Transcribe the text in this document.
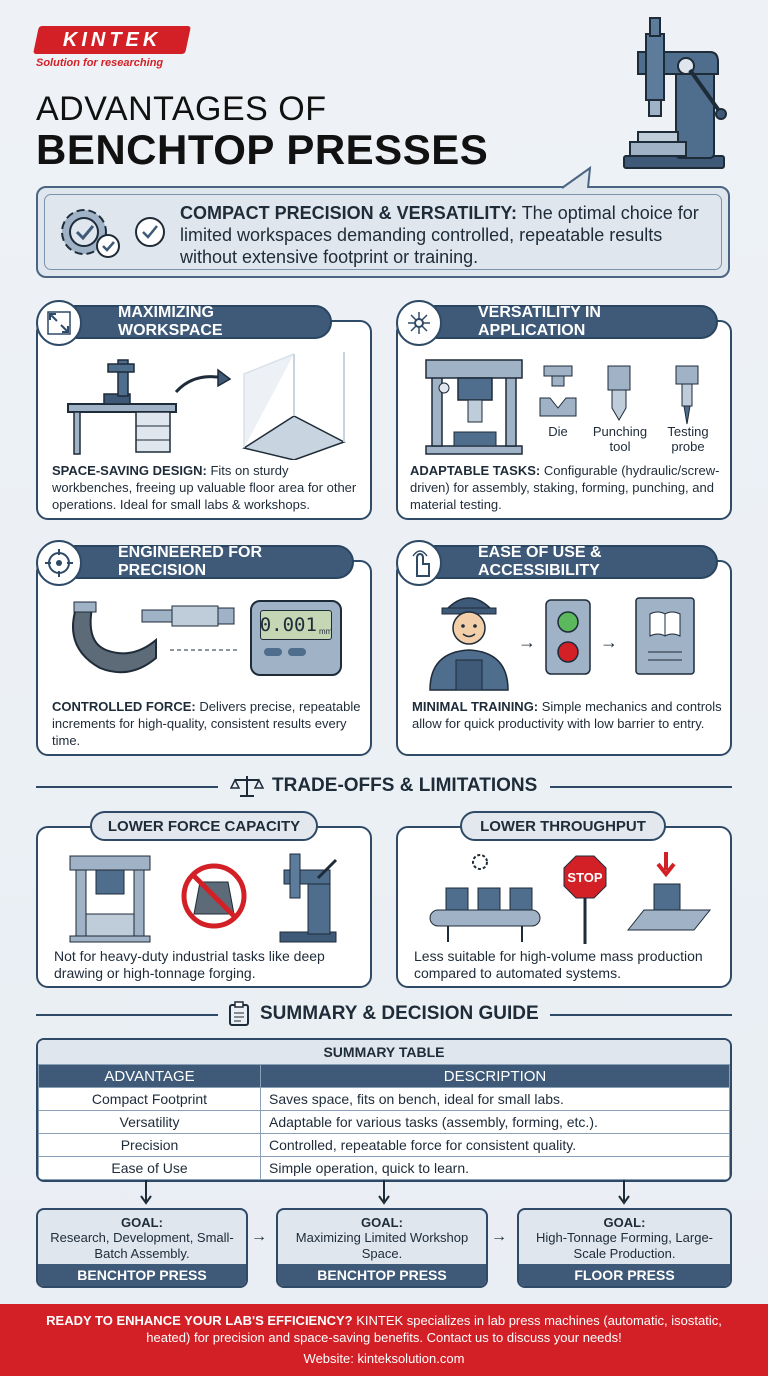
KINTEK
Solution for researching
ADVANTAGES OF
BENCHTOP PRESSES
COMPACT PRECISION & VERSATILITY: The optimal choice for limited workspaces demanding controlled, repeatable results without extensive footprint or training.
SPACE-SAVING DESIGN: Fits on sturdy workbenches, freeing up valuable floor area for other operations. Ideal for small labs & workshops.
MAXIMIZING WORKSPACE
Die	Punching tool
Testing probe
ADAPTABLE TASKS: Configurable (hydraulic/screw-driven) for assembly, staking, forming, punching, and material testing.
VERSATILITY IN APPLICATION
0.001 mm
CONTROLLED FORCE: Delivers precise, repeatable increments for high-quality, consistent results every time.
ENGINEERED FOR PRECISION
→	→
MINIMAL TRAINING: Simple mechanics and controls allow for quick productivity with low barrier to entry.
EASE OF USE & ACCESSIBILITY
TRADE-OFFS & LIMITATIONS
Not for heavy-duty industrial tasks like deep drawing or high-tonnage forging.
LOWER FORCE CAPACITY
STOP
Less suitable for high-volume mass production compared to automated systems.
LOWER THROUGHPUT
SUMMARY & DECISION GUIDE
SUMMARY TABLE
ADVANTAGE	DESCRIPTION
Compact Footprint	Saves space, fits on bench, ideal for small labs.
Versatility	Adaptable for various tasks (assembly, forming, etc.).
Precision	Controlled, repeatable force for consistent quality.
Ease of Use	Simple operation, quick to learn.
GOAL:
Research, Development, Small-Batch Assembly.
BENCHTOP PRESS
→
GOAL:
Maximizing Limited Workshop Space.
BENCHTOP PRESS
→
GOAL:
High-Tonnage Forming, Large-Scale Production.
FLOOR PRESS
READY TO ENHANCE YOUR LAB'S EFFICIENCY? KINTEK specializes in lab press machines (automatic, isostatic, heated) for precision and space-saving benefits. Contact us to discuss your needs!
Website: kinteksolution.com
